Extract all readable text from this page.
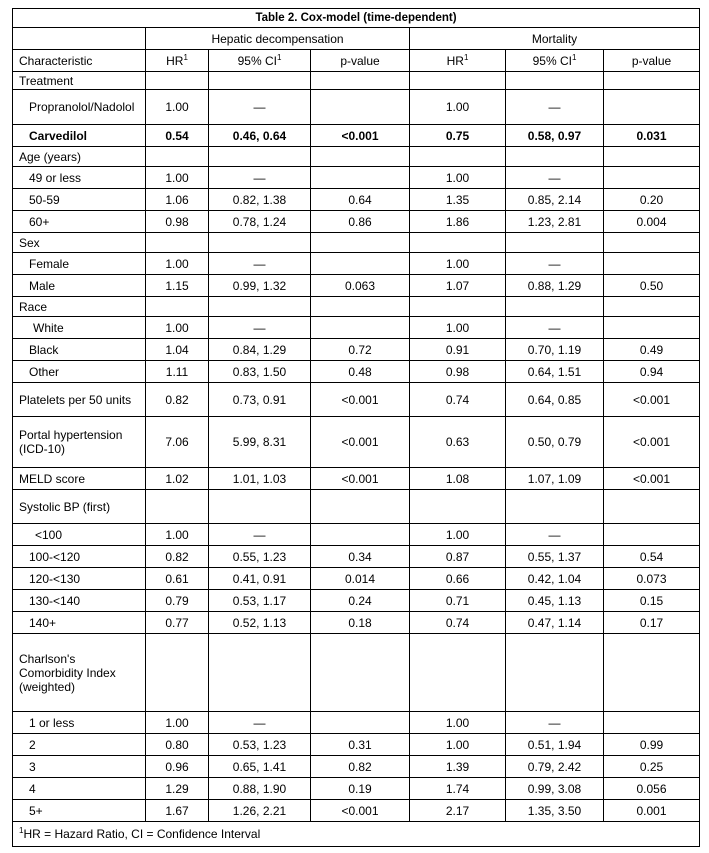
Table 2. Cox-model (time-dependent)						
	Hepatic decompensation			Mortality		
Characteristic	$HR^1$	95% $CI^1$	p-value	$HR^1$	95% $CI^1$	p-value
Treatment						
Propranolol/Nadolol	1.00	—		1.00	—	
Carvedilol	0.54	0.46, 0.64	<0.001	0.75	0.58, 0.97	0.031
Age (years)						
49 or less	1.00	—		1.00	—	
50-59	1.06	0.82, 1.38	0.64	1.35	0.85, 2.14	0.20
60+	0.98	0.78, 1.24	0.86	1.86	1.23, 2.81	0.004
Sex						
Female	1.00	—		1.00	—	
Male	1.15	0.99, 1.32	0.063	1.07	0.88, 1.29	0.50
Race						
White	1.00	—		1.00	—	
Black	1.04	0.84, 1.29	0.72	0.91	0.70, 1.19	0.49
Other	1.11	0.83, 1.50	0.48	0.98	0.64, 1.51	0.94
Platelets per 50 units	0.82	0.73, 0.91	<0.001	0.74	0.64, 0.85	<0.001
Portal hypertension (ICD-10)	7.06	5.99, 8.31	<0.001	0.63	0.50, 0.79	<0.001
MELD score	1.02	1.01, 1.03	<0.001	1.08	1.07, 1.09	<0.001
Systolic BP (first)						
<100	1.00	—		1.00	—	
100-<120	0.82	0.55, 1.23	0.34	0.87	0.55, 1.37	0.54
120-<130	0.61	0.41, 0.91	0.014	0.66	0.42, 1.04	0.073
130-<140	0.79	0.53, 1.17	0.24	0.71	0.45, 1.13	0.15
140+	0.77	0.52, 1.13	0.18	0.74	0.47, 1.14	0.17
Charlson's Comorbidity Index (weighted)						
1 or less	1.00	—		1.00	—	
2	0.80	0.53, 1.23	0.31	1.00	0.51, 1.94	0.99
3	0.96	0.65, 1.41	0.82	1.39	0.79, 2.42	0.25
4	1.29	0.88, 1.90	0.19	1.74	0.99, 3.08	0.056
5+	1.67	1.26, 2.21	<0.001	2.17	1.35, 3.50	0.001
$^1$HR = Hazard Ratio, CI = Confidence Interval						
